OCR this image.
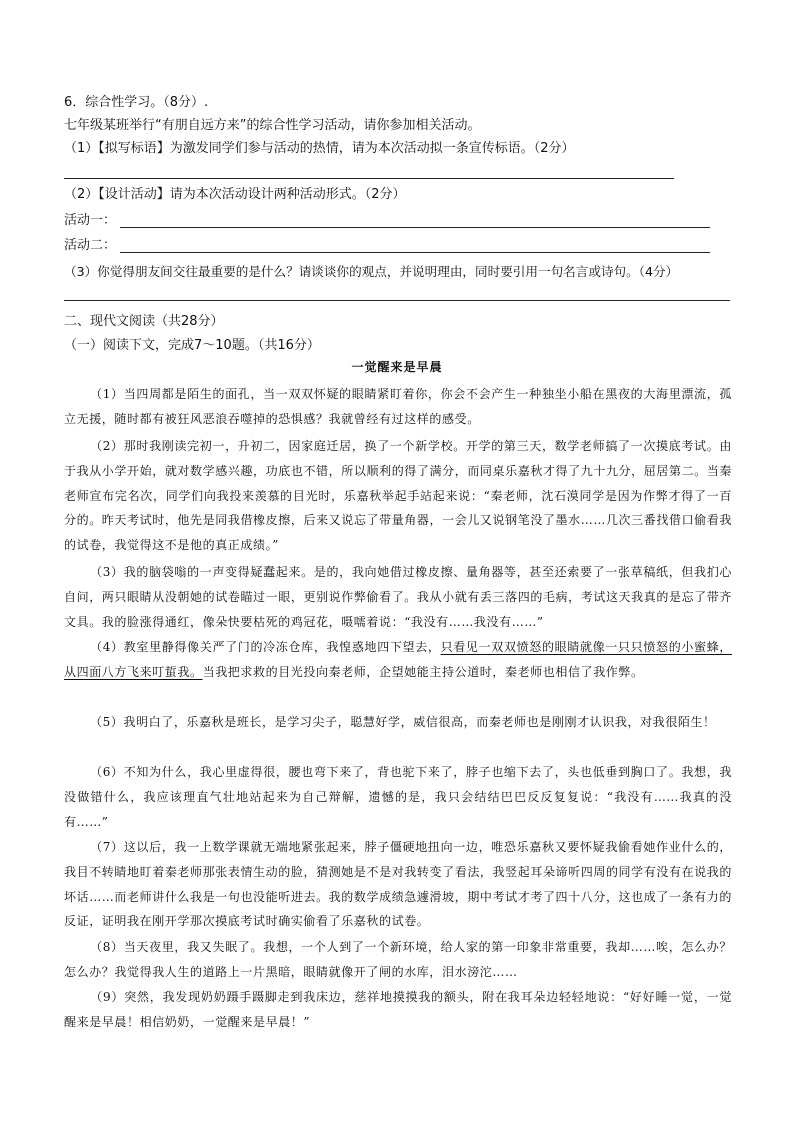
6．综合性学习。（8分）.
七年级某班举行“有朋自远方来”的综合性学习活动，请你参加相关活动。
（1）【拟写标语】为激发同学们参与活动的热情，请为本次活动拟一条宣传标语。（2分）
（2）【设计活动】请为本次活动设计两种活动形式。（2分）
活动一：
活动二：
（3）你觉得朋友间交往最重要的是什么？请谈谈你的观点，并说明理由，同时要引用一句名言或诗句。（4分）
二、现代文阅读（共28分）
（一）阅读下文，完成7～10题。（共16分）
一觉醒来是早晨
（1）当四周都是陌生的面孔，当一双双怀疑的眼睛紧盯着你，你会不会产生一种独坐小船在黑夜的大海里漂流，孤立无援，随时都有被狂风恶浪吞噬掉的恐惧感？我就曾经有过这样的感受。
（2）那时我刚读完初一，升初二，因家庭迁居，换了一个新学校。开学的第三天，数学老师搞了一次摸底考试。由于我从小学开始，就对数学感兴趣，功底也不错，所以顺利的得了满分，而同桌乐嘉秋才得了九十九分，屈居第二。当秦老师宣布完名次，同学们向我投来羡慕的目光时，乐嘉秋举起手站起来说：“秦老师，沈石漠同学是因为作弊才得了一百分的。昨天考试时，他先是同我借橡皮擦，后来又说忘了带量角器，一会儿又说钢笔没了墨水……几次三番找借口偷看我的试卷，我觉得这不是他的真正成绩。”
（3）我的脑袋嗡的一声变得疑蠢起来。是的，我向她借过橡皮擦、量角器等，甚至还索要了一张草稿纸，但我扪心自问，两只眼睛从没朝她的试卷瞄过一眼，更别说作弊偷看了。我从小就有丢三落四的毛病，考试这天我真的是忘了带齐文具。我的脸涨得通红，像朵快要枯死的鸡冠花，嗫嚅着说：“我没有……我没有……”
（4）教室里静得像关严了门的冷冻仓库，我惶惑地四下望去，只看见一双双愤怒的眼睛就像一只只愤怒的小蜜蜂，从四面八方飞来叮蜇我。当我把求救的目光投向秦老师，企望她能主持公道时，秦老师也相信了我作弊。
（5）我明白了，乐嘉秋是班长，是学习尖子，聪慧好学，威信很高，而秦老师也是刚刚才认识我，对我很陌生！
（6）不知为什么，我心里虚得很，腰也弯下来了，背也驼下来了，脖子也缩下去了，头也低垂到胸口了。我想，我没做错什么，我应该理直气壮地站起来为自己辩解，遗憾的是，我只会结结巴巴反反复复说：“我没有……我真的没有……”
（7）这以后，我一上数学课就无端地紧张起来，脖子僵硬地扭向一边，唯恐乐嘉秋又要怀疑我偷看她作业什么的，我目不转睛地盯着秦老师那张表情生动的脸，猜测她是不是对我转变了看法，我竖起耳朵谛听四周的同学有没有在说我的坏话……而老师讲什么我是一句也没能听进去。我的数学成绩急遽滑坡，期中考试才考了四十八分，这也成了一条有力的反证，证明我在刚开学那次摸底考试时确实偷看了乐嘉秋的试卷。
（8）当天夜里，我又失眠了。我想，一个人到了一个新环境，给人家的第一印象非常重要，我却……唉，怎么办？怎么办？我觉得我人生的道路上一片黑暗，眼睛就像开了闸的水库，泪水滂沱……
（9）突然，我发现奶奶蹑手蹑脚走到我床边，慈祥地摸摸我的额头，附在我耳朵边轻轻地说：“好好睡一觉，一觉醒来是早晨！相信奶奶，一觉醒来是早晨！”
